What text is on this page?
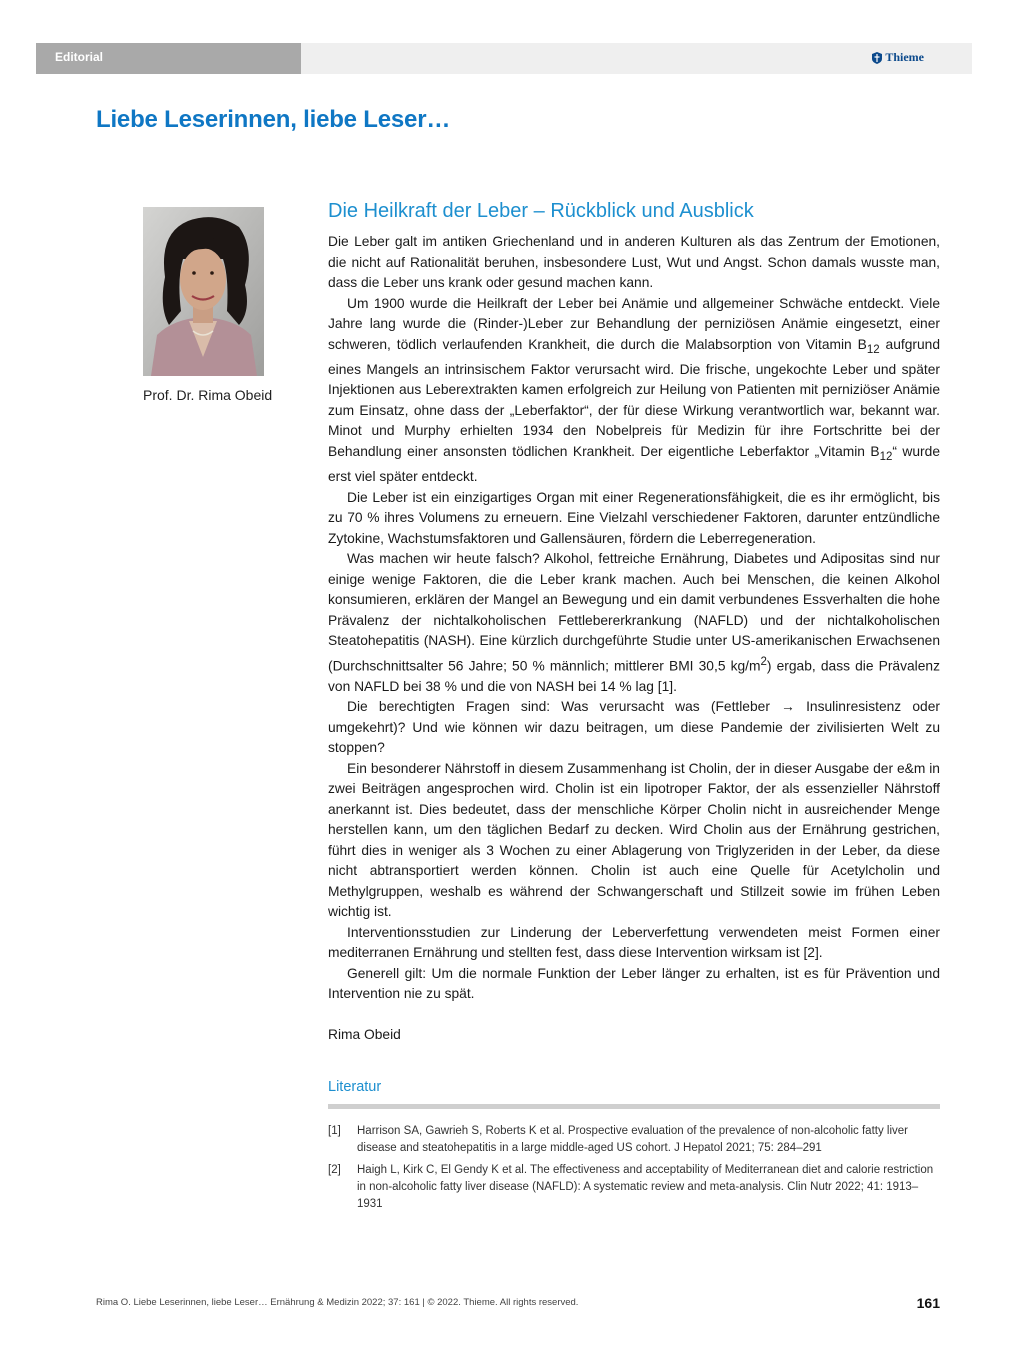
Editorial	Thieme
Liebe Leserinnen, liebe Leser…
Prof. Dr. Rima Obeid
Die Heilkraft der Leber – Rückblick und Ausblick

Die Leber galt im antiken Griechenland und in anderen Kulturen als das Zentrum der Emotionen, die nicht auf Rationalität beruhen, insbesondere Lust, Wut und Angst. Schon damals wusste man, dass die Leber uns krank oder gesund machen kann.

Um 1900 wurde die Heilkraft der Leber bei Anämie und allgemeiner Schwäche entdeckt. Viele Jahre lang wurde die (Rinder-)Leber zur Behandlung der perniziösen Anämie eingesetzt, einer schweren, tödlich verlaufenden Krankheit, die durch die Malabsorption von Vitamin $B_{12}$ aufgrund eines Mangels an intrinsischem Faktor verursacht wird. Die frische, ungekochte Leber und später Injektionen aus Leberextrakten kamen erfolgreich zur Heilung von Patienten mit perniziöser Anämie zum Einsatz, ohne dass der „Leberfaktor“, der für diese Wirkung verantwortlich war, bekannt war. Minot und Murphy erhielten 1934 den Nobelpreis für Medizin für ihre Fortschritte bei der Behandlung einer ansonsten tödlichen Krankheit. Der eigentliche Leberfaktor „Vitamin $B_{12}“$ wurde erst viel später entdeckt.

Die Leber ist ein einzigartiges Organ mit einer Regenerationsfähigkeit, die es ihr ermöglicht, bis zu 70 % ihres Volumens zu erneuern. Eine Vielzahl verschiedener Faktoren, darunter entzündliche Zytokine, Wachstumsfaktoren und Gallensäuren, fördern die Leberregeneration.

Was machen wir heute falsch? Alkohol, fettreiche Ernährung, Diabetes und Adipositas sind nur einige wenige Faktoren, die die Leber krank machen. Auch bei Menschen, die keinen Alkohol konsumieren, erklären der Mangel an Bewegung und ein damit verbundenes Essverhalten die hohe Prävalenz der nichtalkoholischen Fettlebererkrankung (NAFLD) und der nichtalkoholischen Steatohepatitis (NASH). Eine kürzlich durchgeführte Studie unter US-amerikanischen Erwachsenen (Durchschnittsalter 56 Jahre; 50 % männlich; mittlerer BMI 30,5 $kg/m^2$) ergab, dass die Prävalenz von NAFLD bei 38 % und die von NASH bei 14 % lag [1].

Die berechtigten Fragen sind: Was verursacht was (Fettleber → Insulinresistenz oder umgekehrt)? Und wie können wir dazu beitragen, um diese Pandemie der zivilisierten Welt zu stoppen?

Ein besonderer Nährstoff in diesem Zusammenhang ist Cholin, der in dieser Ausgabe der e&m in zwei Beiträgen angesprochen wird. Cholin ist ein lipotroper Faktor, der als essenzieller Nährstoff anerkannt ist. Dies bedeutet, dass der menschliche Körper Cholin nicht in ausreichender Menge herstellen kann, um den täglichen Bedarf zu decken. Wird Cholin aus der Ernährung gestrichen, führt dies in weniger als 3 Wochen zu einer Ablagerung von Triglyzeriden in der Leber, da diese nicht abtransportiert werden können. Cholin ist auch eine Quelle für Acetylcholin und Methylgruppen, weshalb es während der Schwangerschaft und Stillzeit sowie im frühen Leben wichtig ist.

Interventionsstudien zur Linderung der Leberverfettung verwendeten meist Formen einer mediterranen Ernährung und stellten fest, dass diese Intervention wirksam ist [2].

Generell gilt: Um die normale Funktion der Leber länger zu erhalten, ist es für Prävention und Intervention nie zu spät.

Rima Obeid

Literatur
[1]	Harrison SA, Gawrieh S, Roberts K et al. Prospective evaluation of the prevalence of non-alcoholic fatty liver disease and steatohepatitis in a large middle-aged US cohort. J Hepatol 2021; 75: 284–291
[2]	Haigh L, Kirk C, El Gendy K et al. The effectiveness and acceptability of Mediterranean diet and calorie restriction in non-alcoholic fatty liver disease (NAFLD): A systematic review and meta-analysis. Clin Nutr 2022; 41: 1913–1931
Rima O. Liebe Leserinnen, liebe Leser… Ernährung & Medizin 2022; 37: 161 | © 2022. Thieme. All rights reserved.	161
